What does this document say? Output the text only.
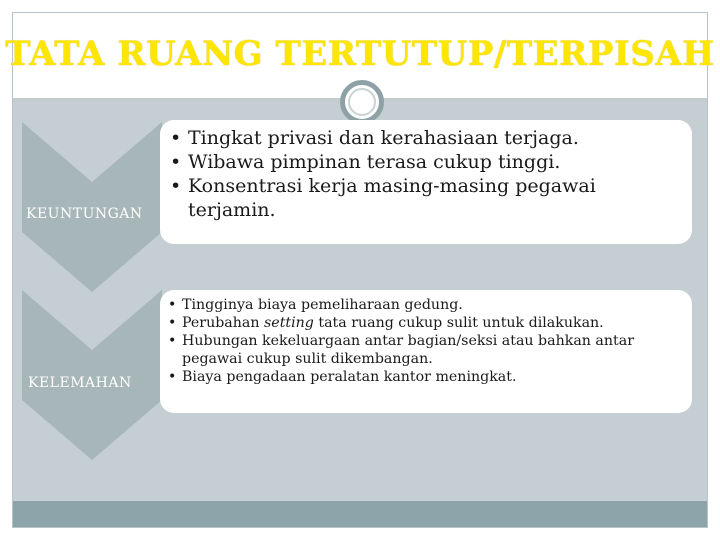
TATA RUANG TERTUTUP/TERPISAH
KEUNTUNGAN
• Tingkat privasi dan kerahasiaan terjaga.
• Wibawa pimpinan terasa cukup tinggi.
• Konsentrasi kerja masing-masing pegawai terjamin.
KELEMAHAN
• Tingginya biaya pemeliharaan gedung.
• Perubahan setting tata ruang cukup sulit untuk dilakukan.
• Hubungan kekeluargaan antar bagian/seksi atau bahkan antar pegawai cukup sulit dikembangan.
• Biaya pengadaan peralatan kantor meningkat.
